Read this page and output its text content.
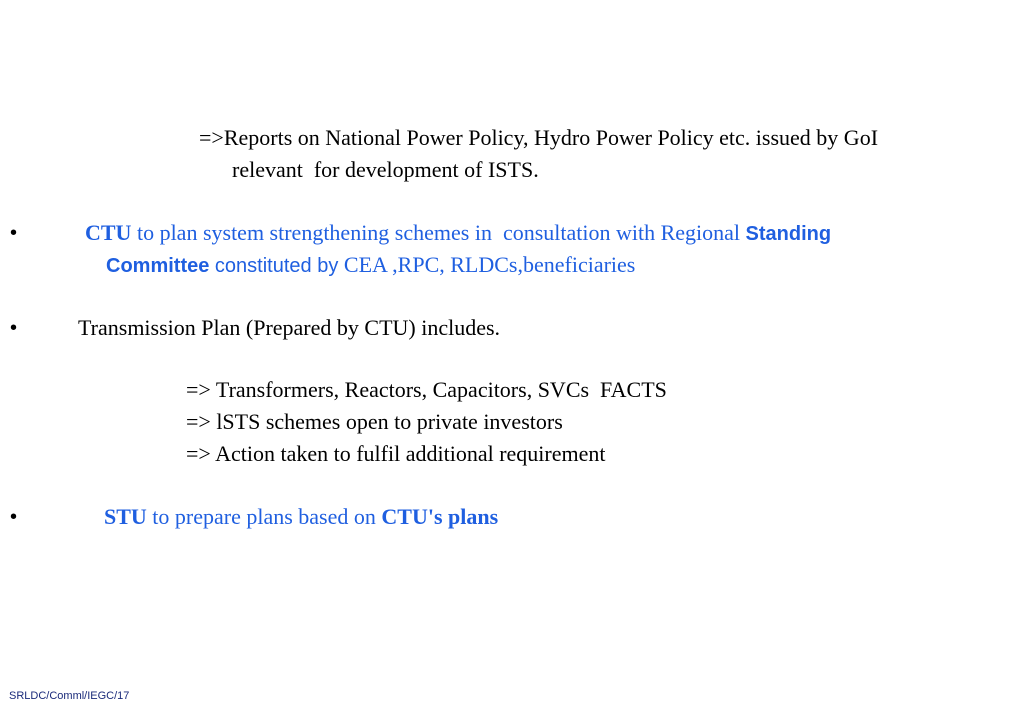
=>Reports on National Power Policy, Hydro Power Policy etc. issued by GoI
relevant  for development of ISTS.
•	CTU to plan system strengthening schemes in  consultation with Regional Standing
Committee constituted by CEA ,RPC, RLDCs,beneficiaries
•	Transmission Plan (Prepared by CTU) includes.
=> Transformers, Reactors, Capacitors, SVCs  FACTS
=> lSTS schemes open to private investors
=> Action taken to fulfil additional requirement
•	STU to prepare plans based on CTU's plans
SRLDC/Comml/IEGC/17
